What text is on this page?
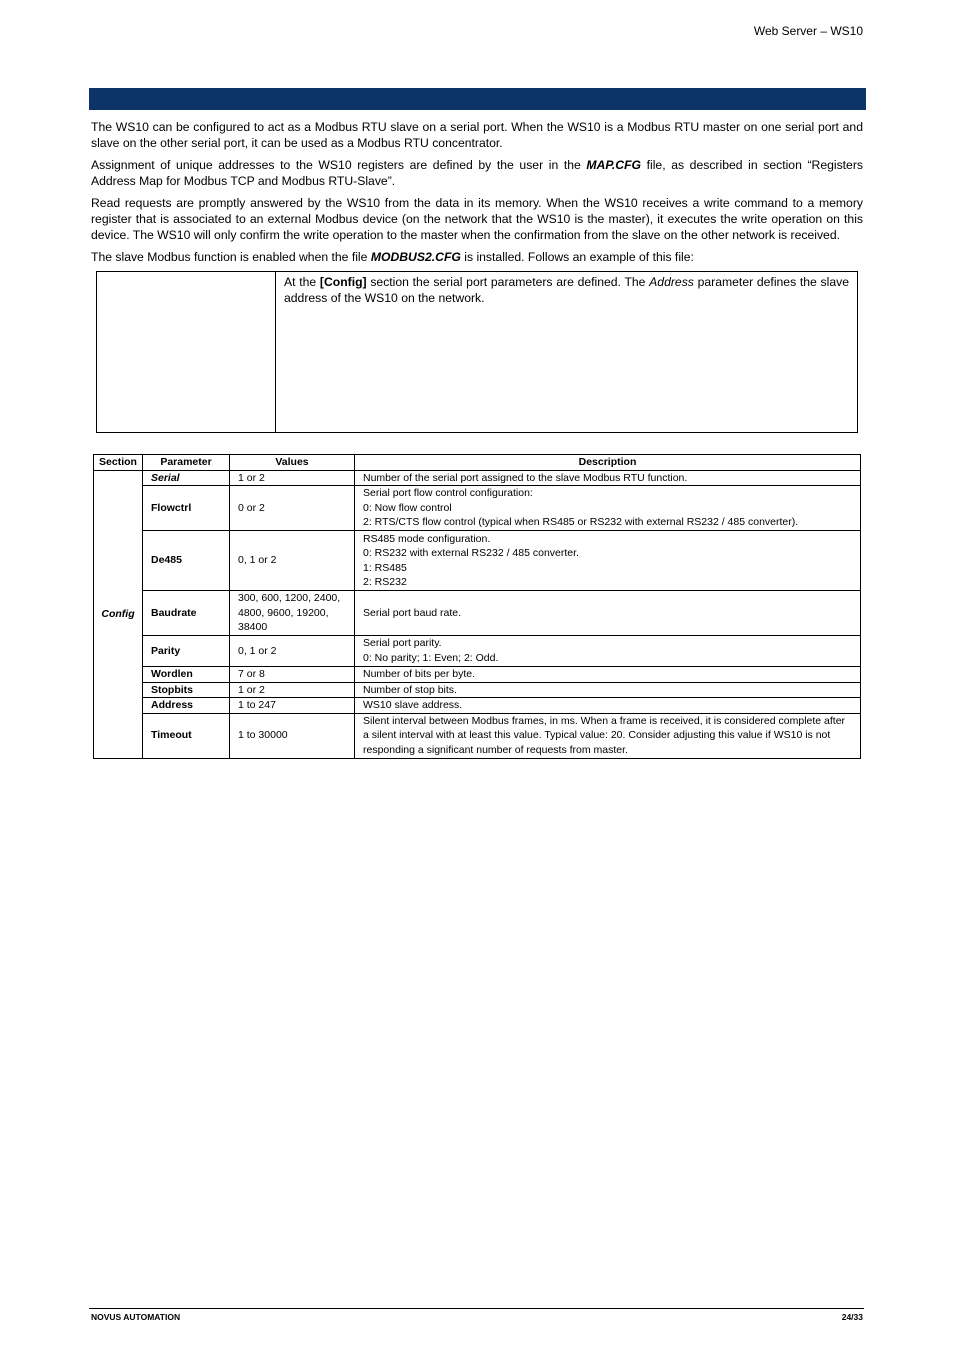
Web Server – WS10

The WS10 can be configured to act as a Modbus RTU slave on a serial port. When the WS10 is a Modbus RTU master on one serial port and slave on the other serial port, it can be used as a Modbus RTU concentrator.

Assignment of unique addresses to the WS10 registers are defined by the user in the MAP.CFG file, as described in section “Registers Address Map for Modbus TCP and Modbus RTU-Slave”.

Read requests are promptly answered by the WS10 from the data in its memory. When the WS10 receives a write command to a memory register that is associated to an external Modbus device (on the network that the WS10 is the master), it executes the write operation on this device. The WS10 will only confirm the write operation to the master when the confirmation from the slave on the other network is received.

The slave Modbus function is enabled when the file MODBUS2.CFG is installed. Follows an example of this file:

At the [Config] section the serial port parameters are defined. The Address parameter defines the slave address of the WS10 on the network.
Section	Parameter	Values	Description
Config	Serial	1 or 2	Number of the serial port assigned to the slave Modbus RTU function.

	Flowctrl	0 or 2	Serial port flow control configuration:
0: Now flow control
2: RTS/CTS flow control (typical when RS485 or RS232 with external RS232 / 485 converter).

	De485	0, 1 or 2	RS485 mode configuration.
0: RS232 with external RS232 / 485 converter.
1: RS485
2: RS232

	Baudrate	300, 600, 1200, 2400,
4800, 9600, 19200,
38400	Serial port baud rate.

	Parity	0, 1 or 2	Serial port parity.
0: No parity; 1: Even; 2: Odd.

	Wordlen	7 or 8	Number of bits per byte.

	Stopbits	1 or 2	Number of stop bits.

	Address	1 to 247	WS10 slave address.

	Timeout	1 to 30000	Silent interval between Modbus frames, in ms. When a frame is received, it is considered complete after a silent interval with at least this value. Typical value: 20. Consider adjusting this value if WS10 is not responding a significant number of requests from master.
NOVUS AUTOMATION	24/33
